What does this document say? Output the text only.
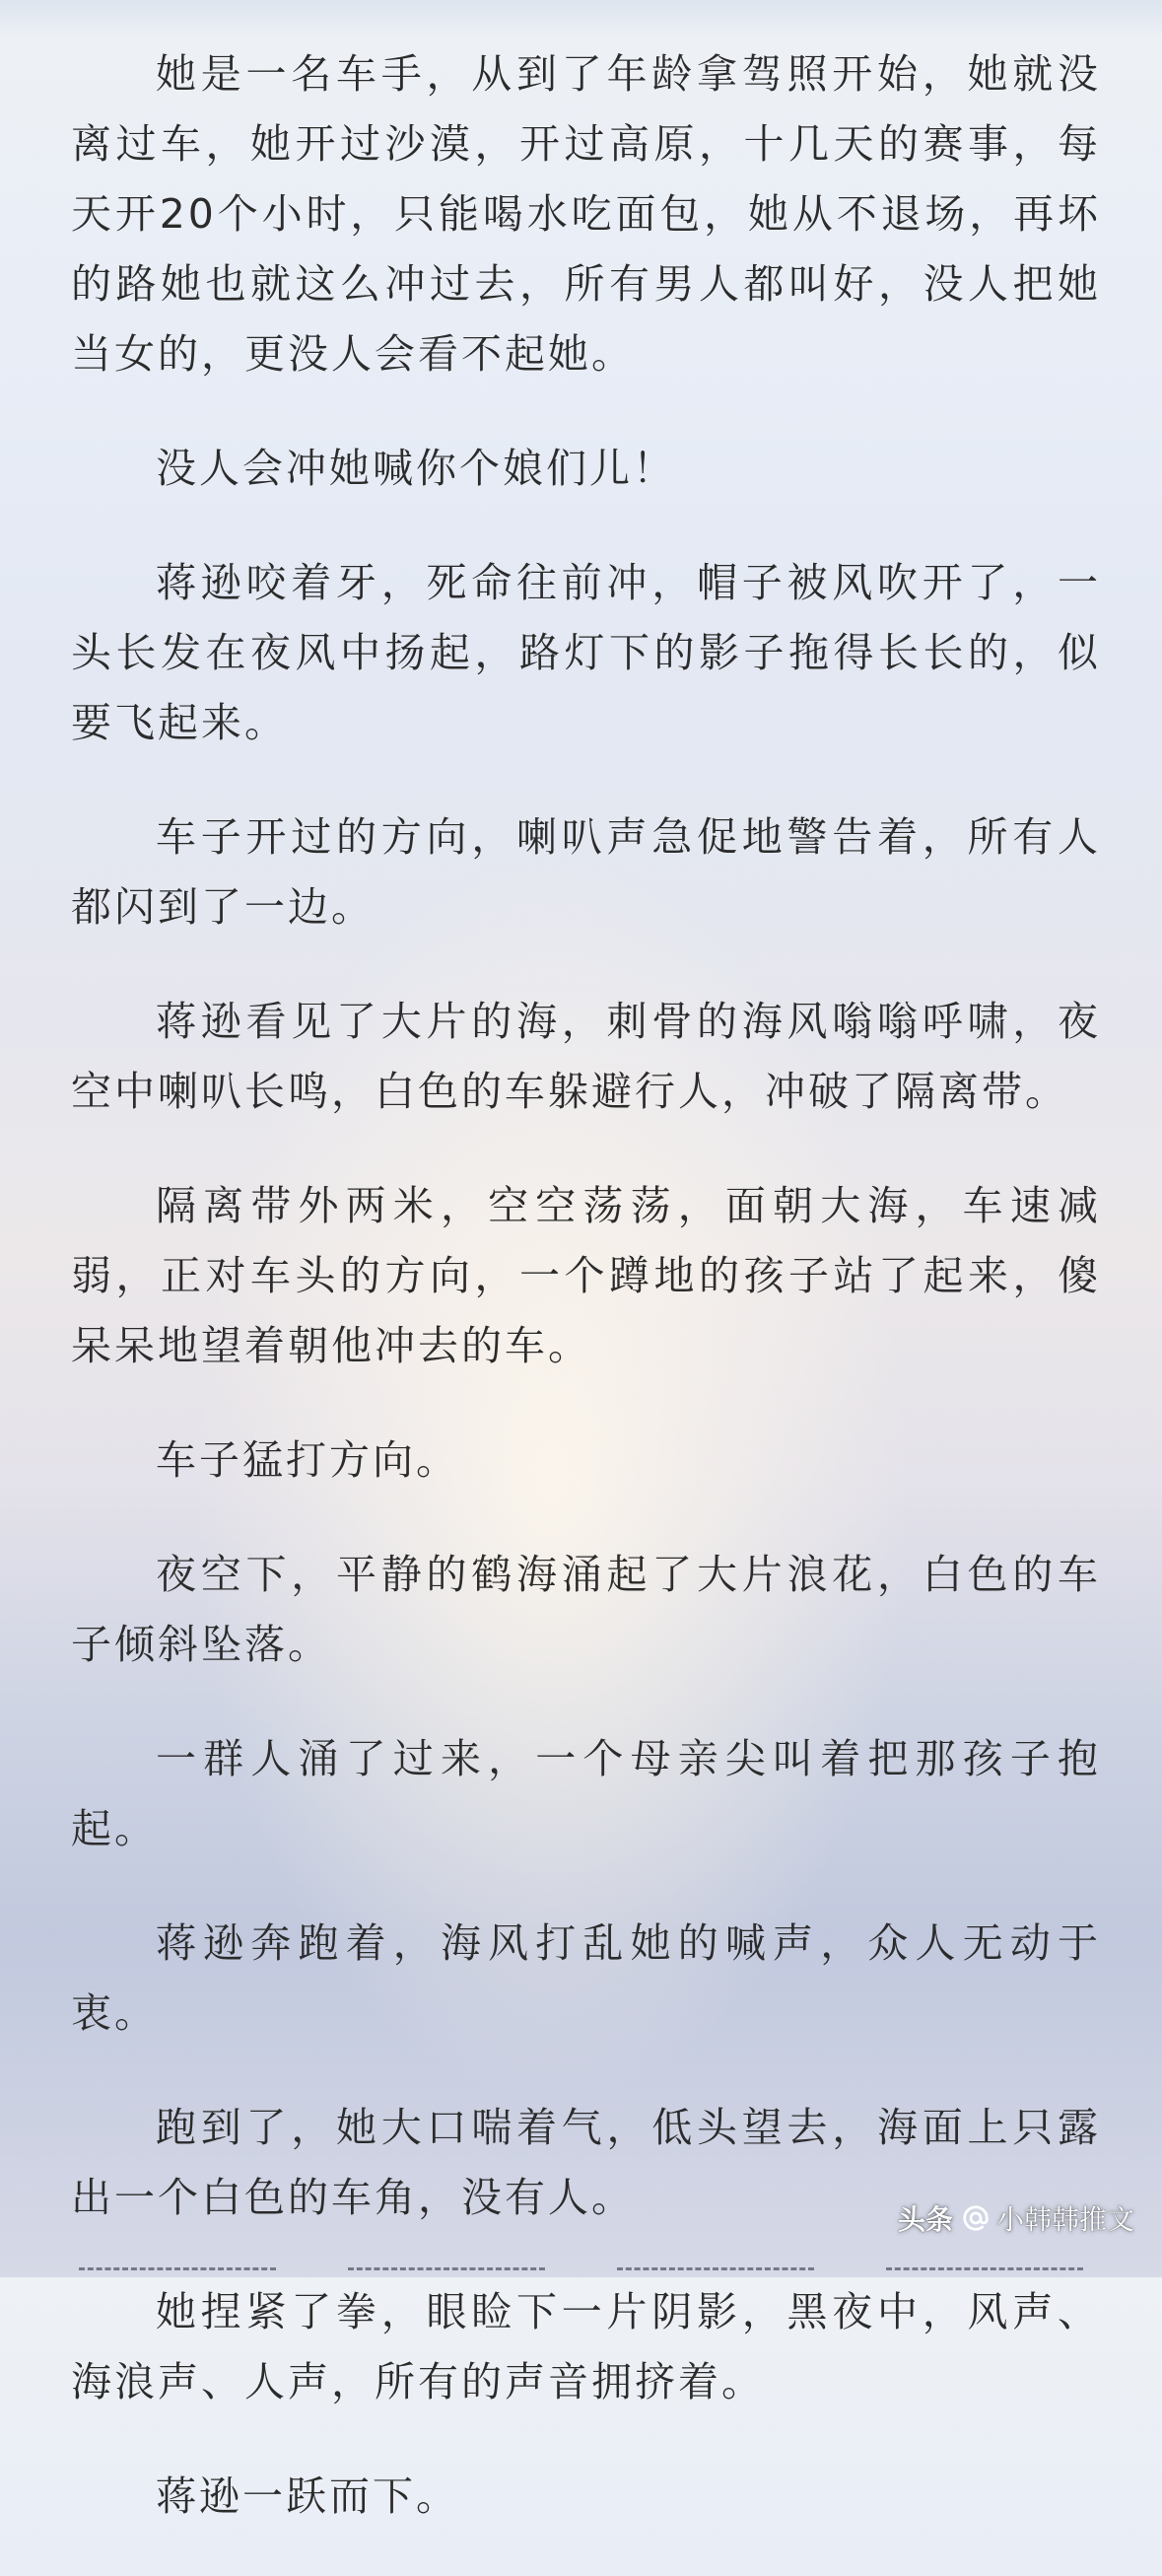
她是一名车手，从到了年龄拿驾照开始，她就没离过车，她开过沙漠，开过高原，十几天的赛事，每天开20个小时，只能喝水吃面包，她从不退场，再坏的路她也就这么冲过去，所有男人都叫好，没人把她当女的，更没人会看不起她。

没人会冲她喊你个娘们儿！

蒋逊咬着牙，死命往前冲，帽子被风吹开了，一头长发在夜风中扬起，路灯下的影子拖得长长的，似要飞起来。

车子开过的方向，喇叭声急促地警告着，所有人都闪到了一边。

蒋逊看见了大片的海，刺骨的海风嗡嗡呼啸，夜空中喇叭长鸣，白色的车躲避行人，冲破了隔离带。

隔离带外两米，空空荡荡，面朝大海，车速减弱，正对车头的方向，一个蹲地的孩子站了起来，傻呆呆地望着朝他冲去的车。

车子猛打方向。

夜空下，平静的鹤海涌起了大片浪花，白色的车子倾斜坠落。

一群人涌了过来，一个母亲尖叫着把那孩子抱起。

蒋逊奔跑着，海风打乱她的喊声，众人无动于衷。

跑到了，她大口喘着气，低头望去，海面上只露出一个白色的车角，没有人。

她捏紧了拳，眼睑下一片阴影，黑夜中，风声、海浪声、人声，所有的声音拥挤着。

蒋逊一跃而下。

头条 小韩韩推文
